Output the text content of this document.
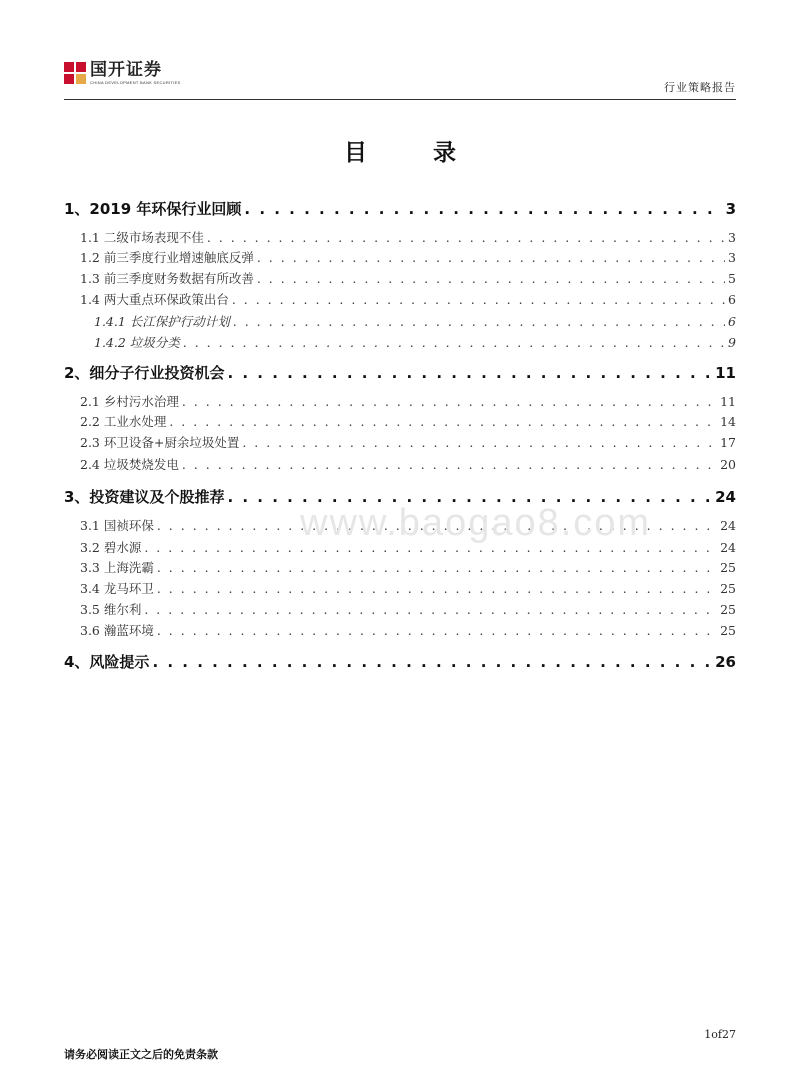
国开证券
CHINA DEVELOPMENT BANK SECURITIES	行业策略报告
目	录
1、2019 年环保行业回顾 . . .	3
1.1 二级市场表现不佳 . . .	3
1.2 前三季度行业增速触底反弹 . . .	3
1.3 前三季度财务数据有所改善 . . .	5
1.4 两大重点环保政策出台 . . .	6
1.4.1 长江保护行动计划 . . .	6
1.4.2 垃圾分类 . . .	9
2、细分子行业投资机会 . . .	11
2.1 乡村污水治理 . . .	11
2.2 工业水处理 . . .	14
2.3 环卫设备+厨余垃圾处置 . . .	17
2.4 垃圾焚烧发电 . . .	20
3、投资建议及个股推荐 . . .	24
3.1 国祯环保 . . .	24
3.2 碧水源 . . .	24
3.3 上海洗霸 . . .	25
3.4 龙马环卫 . . .	25
3.5 维尔利 . . .	25
3.6 瀚蓝环境 . . .	25
4、风险提示 . . .	26
www.baogao8.com
1of27
请务必阅读正文之后的免责条款
